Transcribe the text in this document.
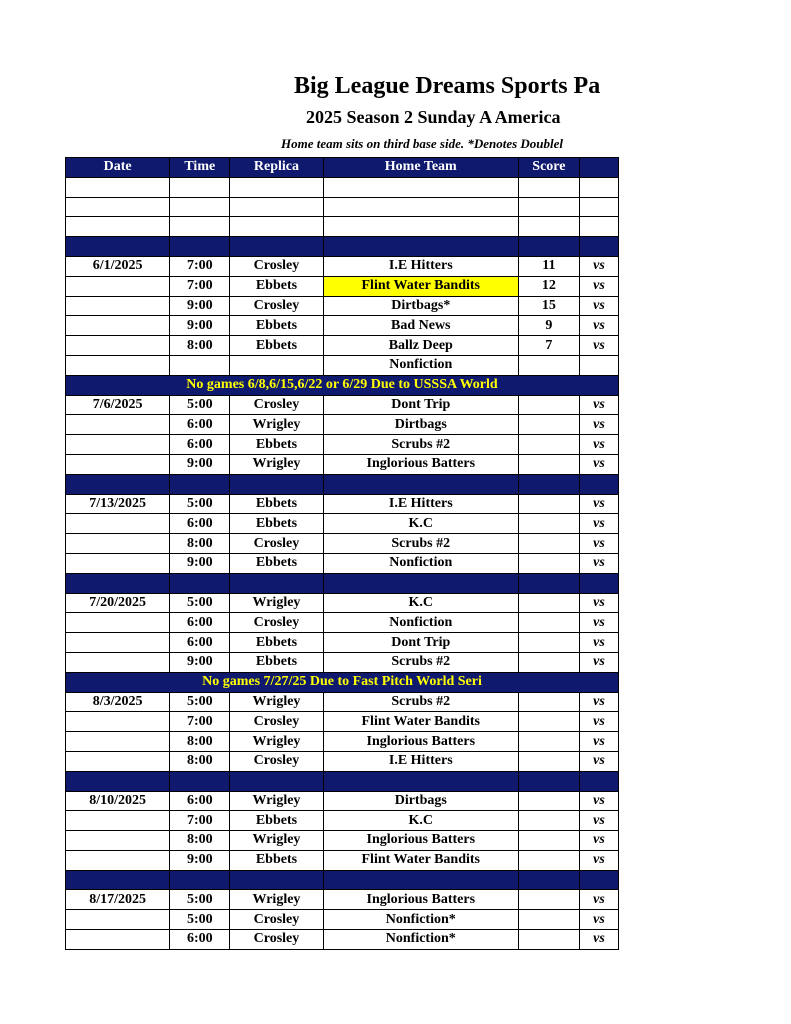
Big League Dreams Sports Pa
2025 Season 2 Sunday A America
Home team sits on third base side. *Denotes Doublel
Date	Time	Replica	Home Team	Score	

6/1/2025	7:00	Crosley	I.E Hitters	11	vs
	7:00	Ebbets	Flint Water Bandits	12	vs
	9:00	Crosley	Dirtbags*	15	vs
	9:00	Ebbets	Bad News	9	vs
	8:00	Ebbets	Ballz Deep	7	vs
			Nonfiction		
No games 6/8,6/15,6/22 or 6/29 Due to USSSA World					
7/6/2025	5:00	Crosley	Dont Trip		vs
	6:00	Wrigley	Dirtbags		vs
	6:00	Ebbets	Scrubs #2		vs
	9:00	Wrigley	Inglorious Batters		vs

7/13/2025	5:00	Ebbets	I.E Hitters		vs
	6:00	Ebbets	K.C		vs
	8:00	Crosley	Scrubs #2		vs
	9:00	Ebbets	Nonfiction		vs

7/20/2025	5:00	Wrigley	K.C		vs
	6:00	Crosley	Nonfiction		vs
	6:00	Ebbets	Dont Trip		vs
	9:00	Ebbets	Scrubs #2		vs
No games 7/27/25 Due to Fast Pitch World Seri					
8/3/2025	5:00	Wrigley	Scrubs #2		vs
	7:00	Crosley	Flint Water Bandits		vs
	8:00	Wrigley	Inglorious Batters		vs
	8:00	Crosley	I.E Hitters		vs

8/10/2025	6:00	Wrigley	Dirtbags		vs
	7:00	Ebbets	K.C		vs
	8:00	Wrigley	Inglorious Batters		vs
	9:00	Ebbets	Flint Water Bandits		vs

8/17/2025	5:00	Wrigley	Inglorious Batters		vs
	5:00	Crosley	Nonfiction*		vs
	6:00	Crosley	Nonfiction*		vs
